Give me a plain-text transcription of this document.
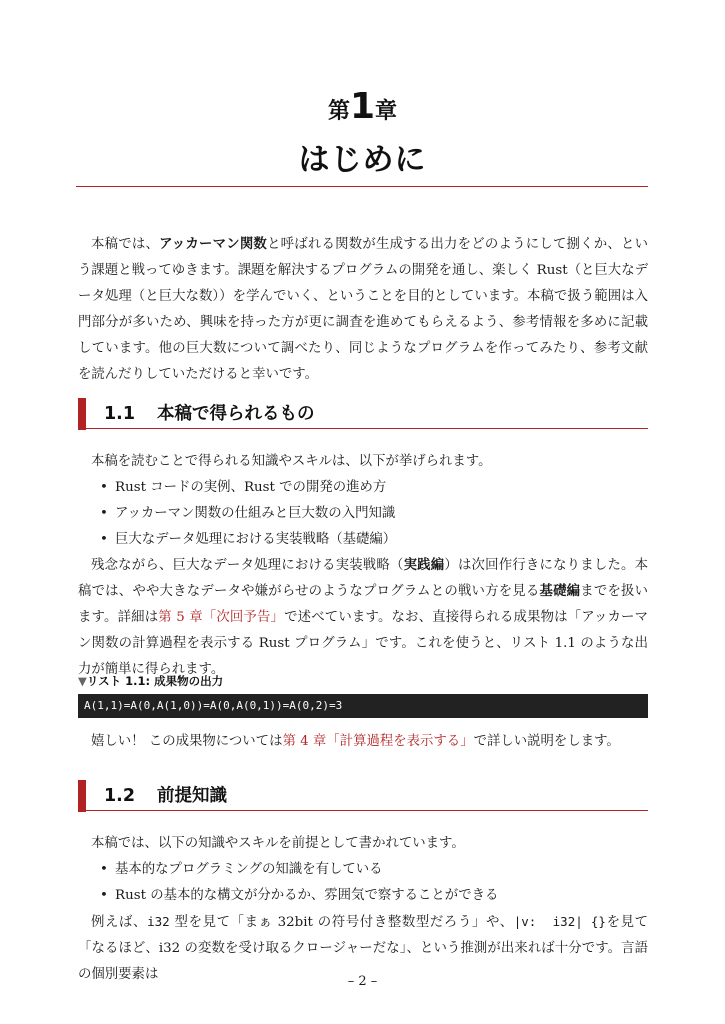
第1章
はじめに

本稿では、アッカーマン関数と呼ばれる関数が生成する出力をどのようにして捌くか、という課題と戦ってゆきます。課題を解決するプログラムの開発を通し、楽しく Rust（と巨大なデータ処理（と巨大な数））を学んでいく、ということを目的としています。本稿で扱う範囲は入門部分が多いため、興味を持った方が更に調査を進めてもらえるよう、参考情報を多めに記載しています。他の巨大数について調べたり、同じようなプログラムを作ってみたり、参考文献を読んだりしていただけると幸いです。

1.1 本稿で得られるもの

本稿を読むことで得られる知識やスキルは、以下が挙げられます。

• Rust コードの実例、Rust での開発の進め方
• アッカーマン関数の仕組みと巨大数の入門知識
• 巨大なデータ処理における実装戦略（基礎編）

残念ながら、巨大なデータ処理における実装戦略（実践編）は次回作行きになりました。本稿では、やや大きなデータや嫌がらせのようなプログラムとの戦い方を見る基礎編までを扱います。詳細は第 5 章「次回予告」で述べています。なお、直接得られる成果物は「アッカーマン関数の計算過程を表示する Rust プログラム」です。これを使うと、リスト 1.1 のような出力が簡単に得られます。

▼リスト 1.1: 成果物の出力
A(1,1)=A(0,A(1,0))=A(0,A(0,1))=A(0,2)=3

嬉しい！ この成果物については第 4 章「計算過程を表示する」で詳しい説明をします。

1.2 前提知識

本稿では、以下の知識やスキルを前提として書かれています。

• 基本的なプログラミングの知識を有している
• Rust の基本的な構文が分かるか、雰囲気で察することができる

例えば、i32 型を見て「まぁ 32bit の符号付き整数型だろう」や、|v:  i32| {}を見て「なるほど、i32 の変数を受け取るクロージャーだな」、という推測が出来れば十分です。言語の個別要素は	– 2 –
